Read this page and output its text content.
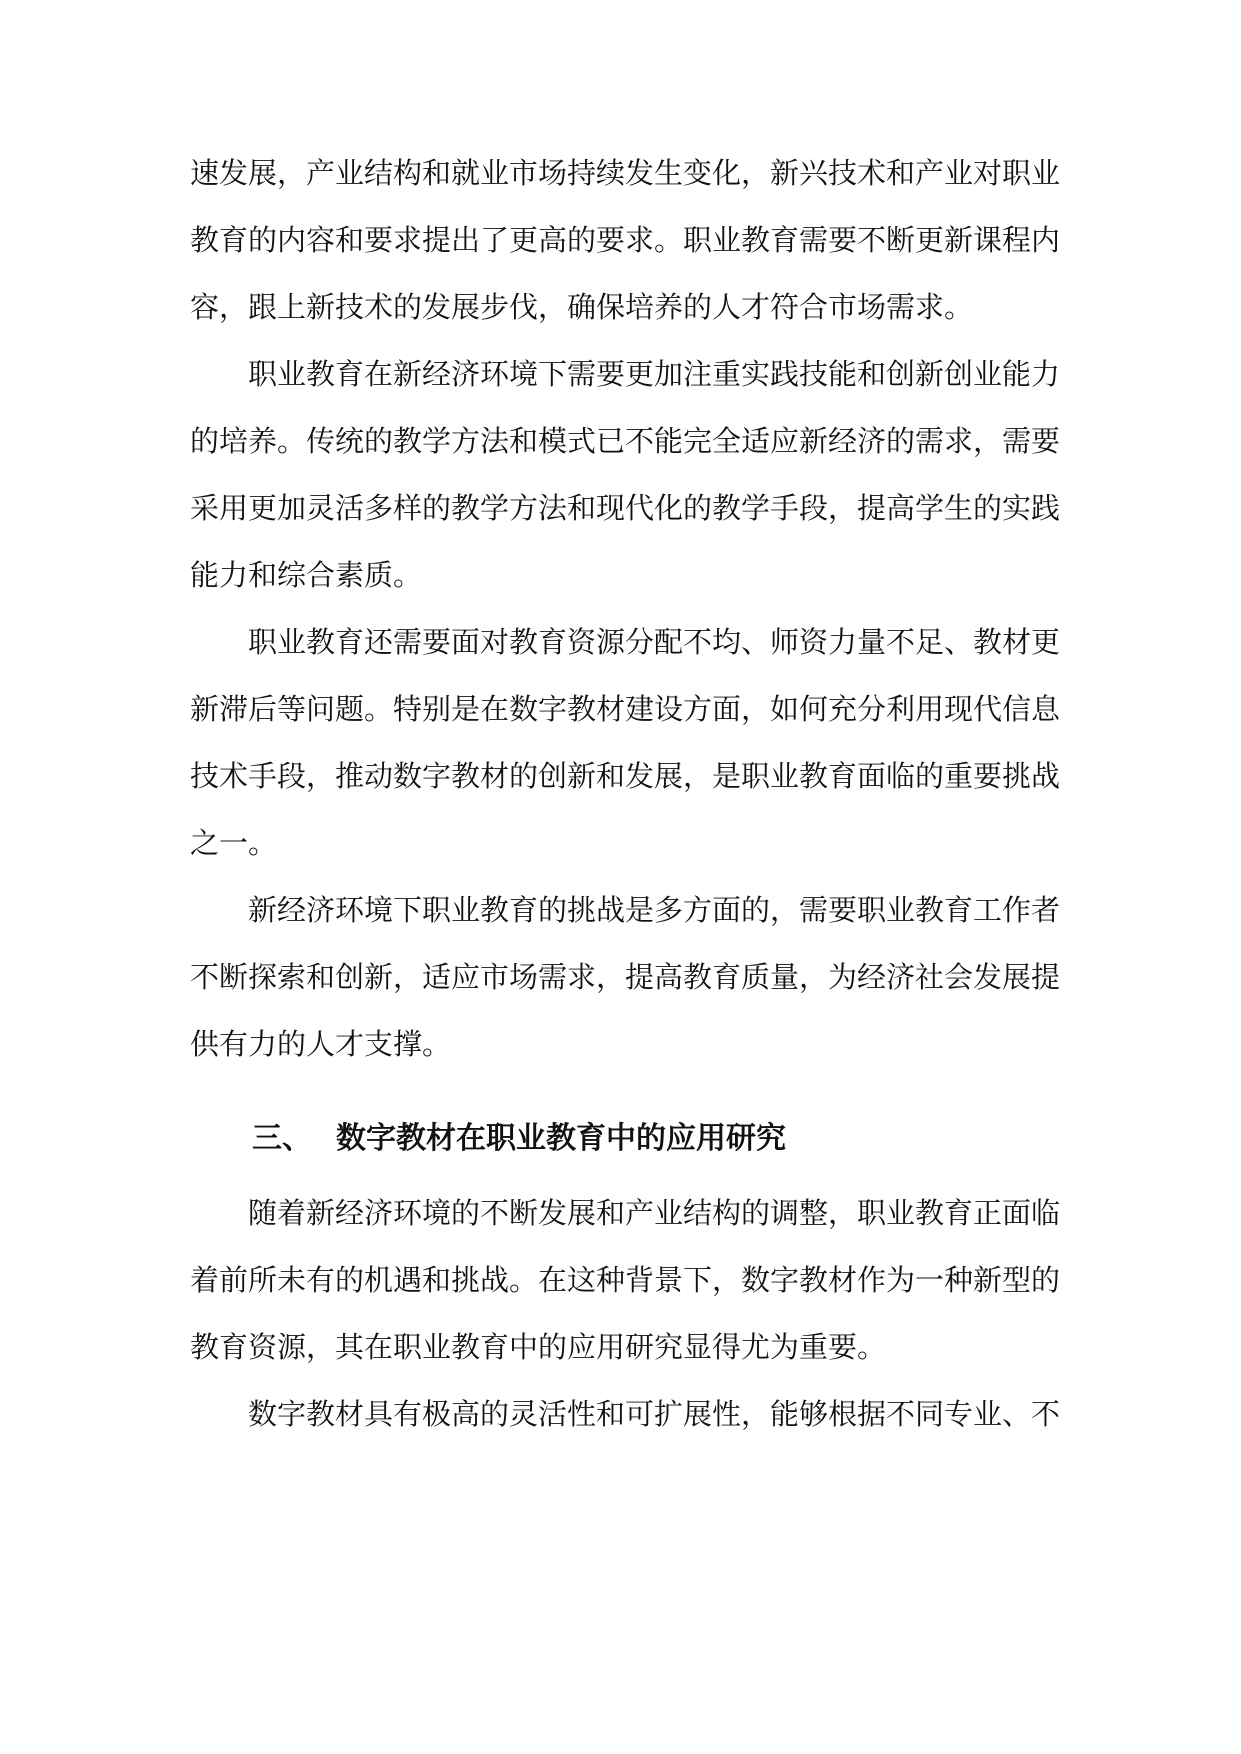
速发展，产业结构和就业市场持续发生变化，新兴技术和产业对职业教育的内容和要求提出了更高的要求。职业教育需要不断更新课程内容，跟上新技术的发展步伐，确保培养的人才符合市场需求。

职业教育在新经济环境下需要更加注重实践技能和创新创业能力的培养。传统的教学方法和模式已不能完全适应新经济的需求，需要采用更加灵活多样的教学方法和现代化的教学手段，提高学生的实践能力和综合素质。

职业教育还需要面对教育资源分配不均、师资力量不足、教材更新滞后等问题。特别是在数字教材建设方面，如何充分利用现代信息技术手段，推动数字教材的创新和发展，是职业教育面临的重要挑战之一。

新经济环境下职业教育的挑战是多方面的，需要职业教育工作者不断探索和创新，适应市场需求，提高教育质量，为经济社会发展提供有力的人才支撑。

三、 数字教材在职业教育中的应用研究

随着新经济环境的不断发展和产业结构的调整，职业教育正面临着前所未有的机遇和挑战。在这种背景下，数字教材作为一种新型的教育资源，其在职业教育中的应用研究显得尤为重要。

数字教材具有极高的灵活性和可扩展性，能够根据不同专业、不
